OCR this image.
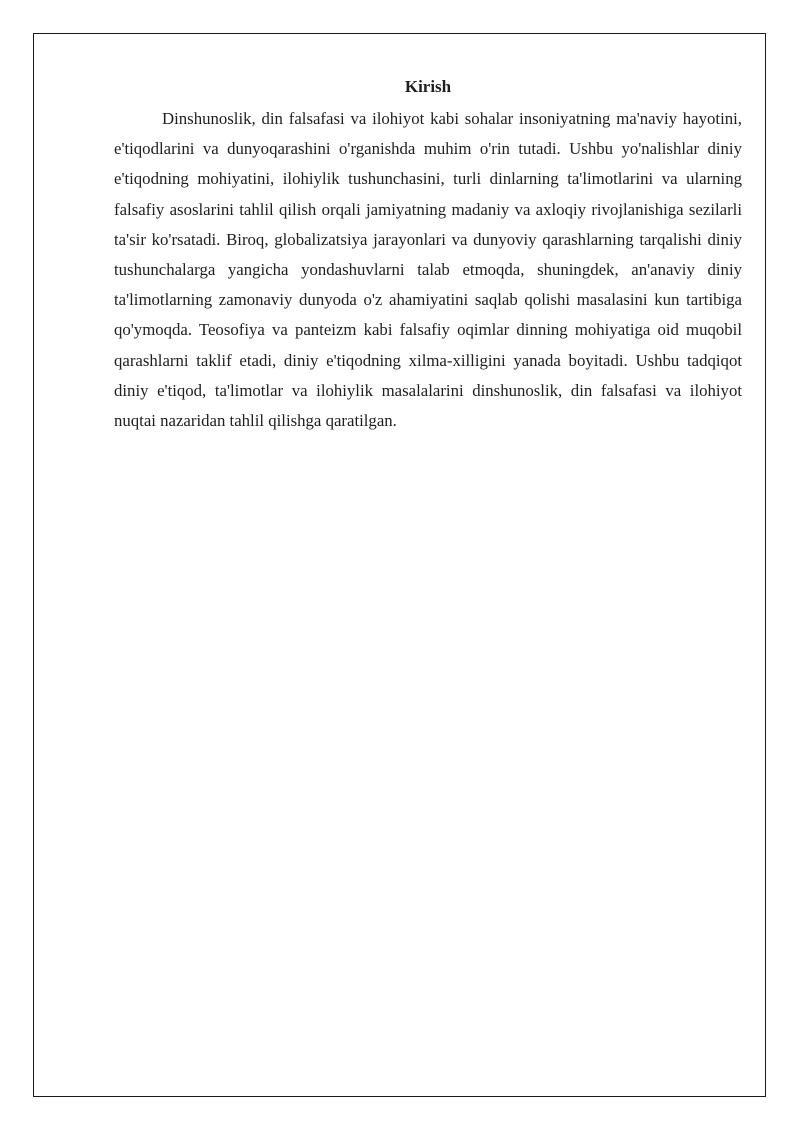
Kirish

Dinshunoslik, din falsafasi va ilohiyot kabi sohalar insoniyatning ma'naviy hayotini, e'tiqodlarini va dunyoqarashini o'rganishda muhim o'rin tutadi. Ushbu yo'nalishlar diniy e'tiqodning mohiyatini, ilohiylik tushunchasini, turli dinlarning ta'limotlarini va ularning falsafiy asoslarini tahlil qilish orqali jamiyatning madaniy va axloqiy rivojlanishiga sezilarli ta'sir ko'rsatadi. Biroq, globalizatsiya jarayonlari va dunyoviy qarashlarning tarqalishi diniy tushunchalarga yangicha yondashuvlarni talab etmoqda, shuningdek, an'anaviy diniy ta'limotlarning zamonaviy dunyoda o'z ahamiyatini saqlab qolishi masalasini kun tartibiga qo'ymoqda. Teosofiya va panteizm kabi falsafiy oqimlar dinning mohiyatiga oid muqobil qarashlarni taklif etadi, diniy e'tiqodning xilma-xilligini yanada boyitadi. Ushbu tadqiqot diniy e'tiqod, ta'limotlar va ilohiylik masalalarini dinshunoslik, din falsafasi va ilohiyot nuqtai nazaridan tahlil qilishga qaratilgan.
